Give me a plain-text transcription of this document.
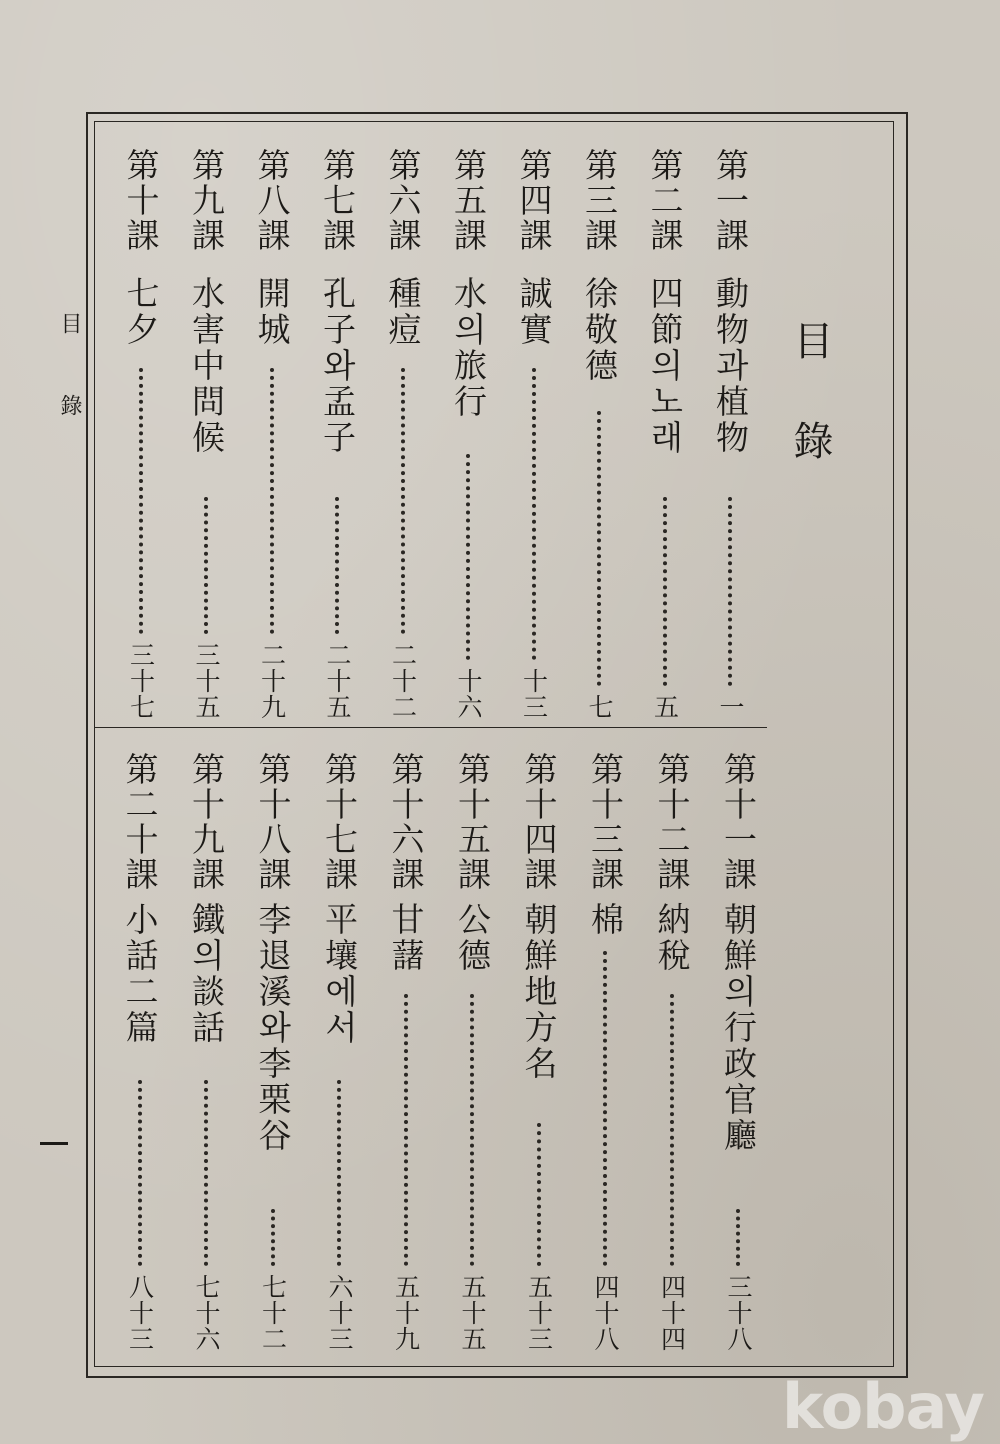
目錄
目錄
第一課
動物과植物
一
第二課
四節의노래
五
第三課
徐敬德
七
第四課
誠實
十三
第五課
水의旅行
十六
第六課
種痘
二十二
第七課
孔子와孟子
二十五
第八課
開城
二十九
第九課
水害中問候
三十五
第十課
七夕
三十七
第十一課
朝鮮의行政官廳
三十八
第十二課
納稅
四十四
第十三課
棉
四十八
第十四課
朝鮮地方名
五十三
第十五課
公德
五十五
第十六課
甘藷
五十九
第十七課
平壤에서
六十三
第十八課
李退溪와李栗谷
七十二
第十九課
鐵의談話
七十六
第二十課
小話二篇
八十三
kobay
